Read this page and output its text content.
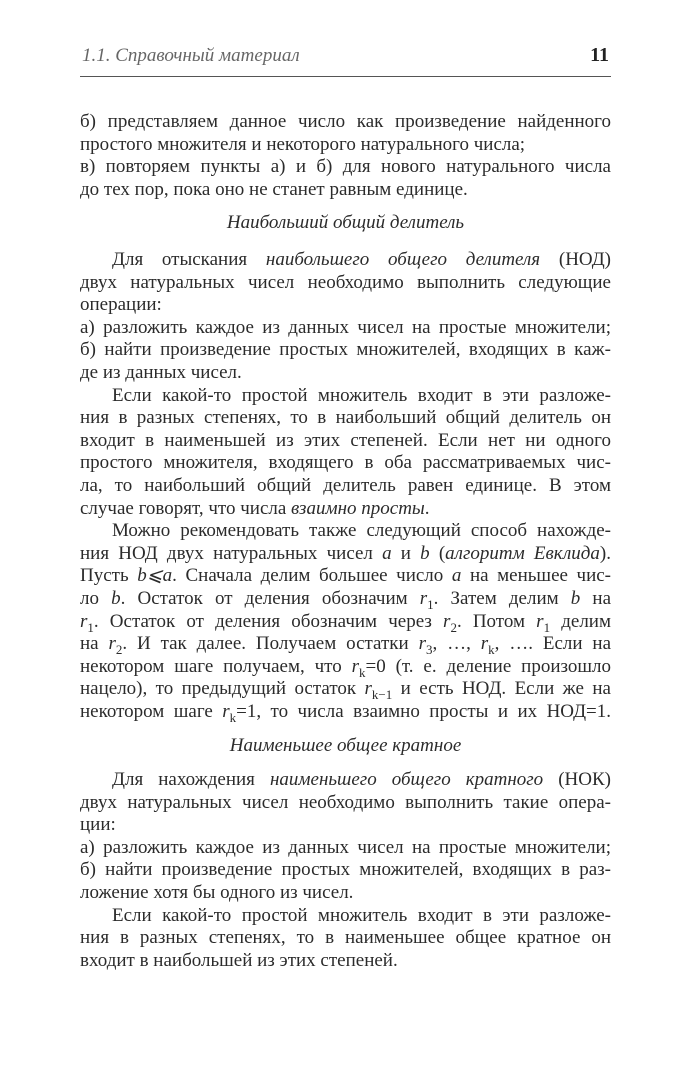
1.1. Справочный материал	11
б) представляем данное число как произведение найденного
простого множителя и некоторого натурального числа;
в) повторяем пункты а) и б) для нового натурального числа
до тех пор, пока оно не станет равным единице.
Наибольший общий делитель
Для отыскания наибольшего общего делителя (НОД)
двух натуральных чисел необходимо выполнить следующие
операции:
а) разложить каждое из данных чисел на простые множители;
б) найти произведение простых множителей, входящих в каж-
де из данных чисел.
Если какой-то простой множитель входит в эти разложе-
ния в разных степенях, то в наибольший общий делитель он
входит в наименьшей из этих степеней. Если нет ни одного
простого множителя, входящего в оба рассматриваемых чис-
ла, то наибольший общий делитель равен единице. В этом
случае говорят, что числа взаимно просты.
Можно рекомендовать также следующий способ нахожде-
ния НОД двух натуральных чисел a и b (алгоритм Евклида).
Пусть b⩽a. Сначала делим большее число a на меньшее чис-
ло b. Остаток от деления обозначим $r_1$. Затем делим b на
$r_1$. Остаток от деления обозначим через $r_2$. Потом $r_1$ делим
на $r_2$. И так далее. Получаем остатки $r_3$, …, $r_k$, …. Если на
некотором шаге получаем, что $r_k=0$ (т. е. деление произошло
нацело), то предыдущий остаток $r_{k-1}$ и есть НОД. Если же на
некотором шаге $r_k=1$, то числа взаимно просты и их НОД=1.
Наименьшее общее кратное
Для нахождения наименьшего общего кратного (НОК)
двух натуральных чисел необходимо выполнить такие опера-
ции:
а) разложить каждое из данных чисел на простые множители;
б) найти произведение простых множителей, входящих в раз-
ложение хотя бы одного из чисел.
Если какой-то простой множитель входит в эти разложе-
ния в разных степенях, то в наименьшее общее кратное он
входит в наибольшей из этих степеней.
